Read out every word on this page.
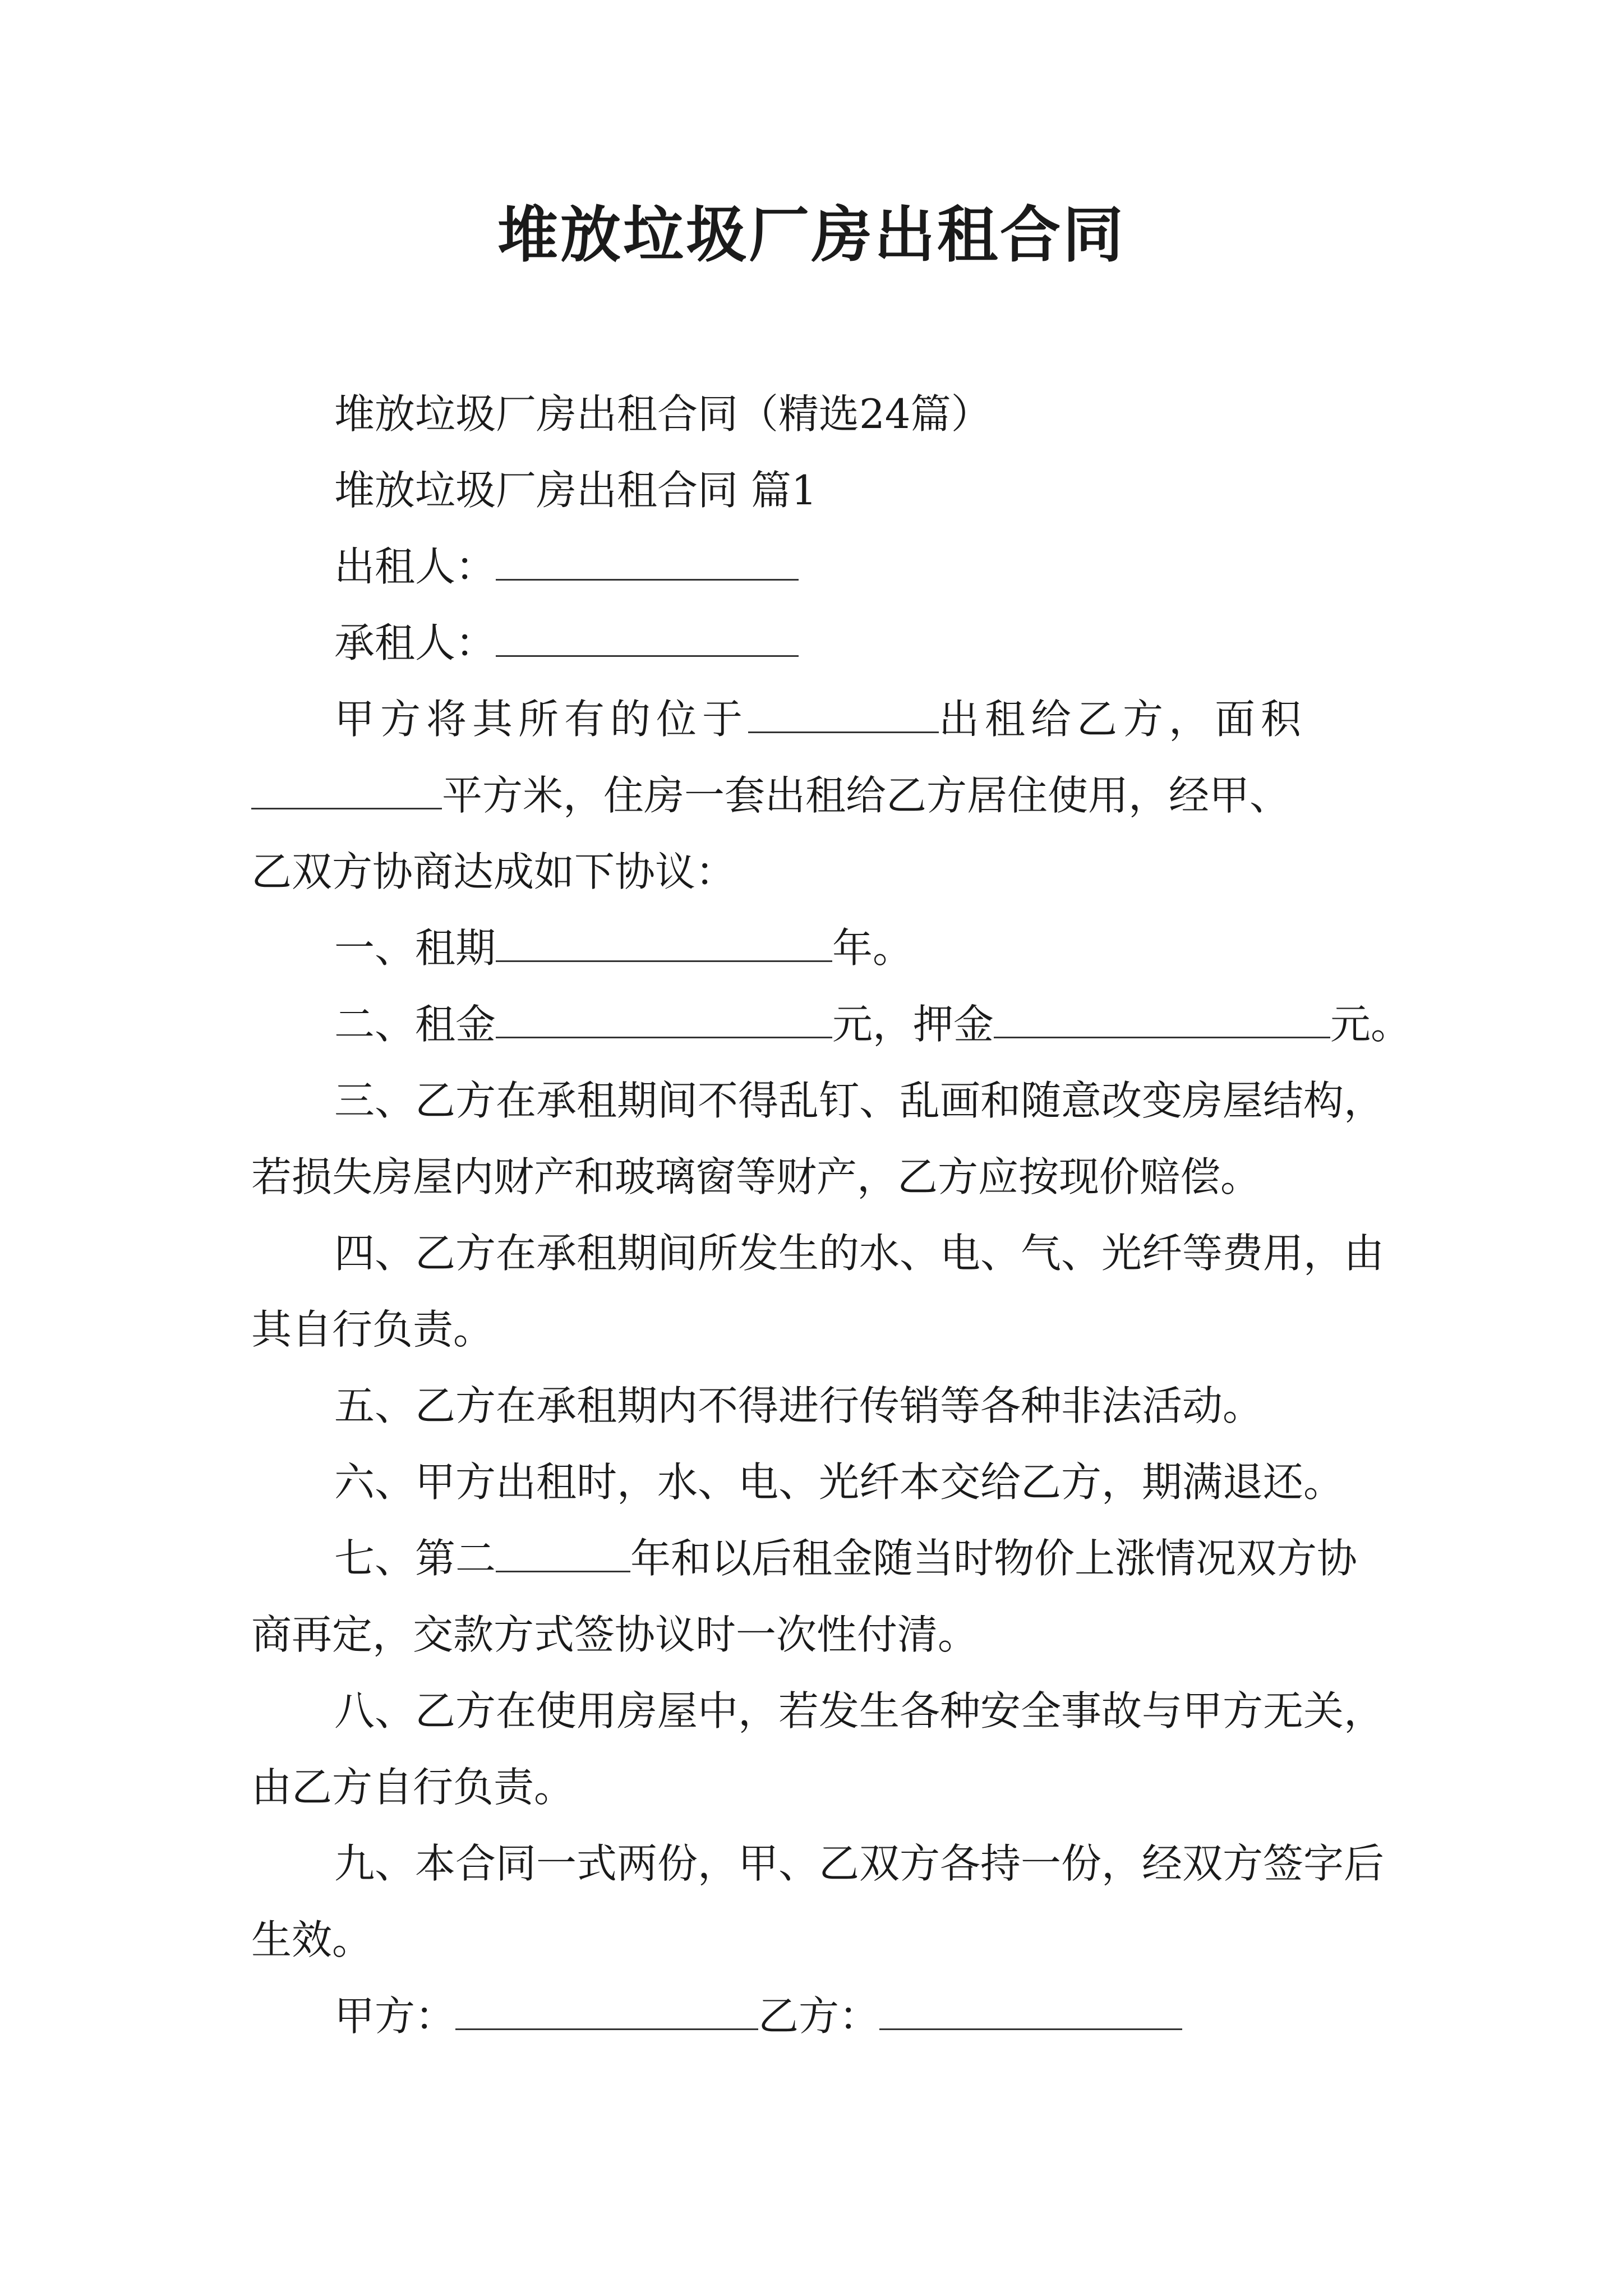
堆放垃圾厂房出租合同
堆放垃圾厂房出租合同（精选24篇）
堆放垃圾厂房出租合同 篇1
出租人：
承租人：
甲方将其所有的位于	出租给乙方，面积
平方米，住房一套出租给乙方居住使用，经甲、
乙双方协商达成如下协议：
一、租期	年。
二、租金	元，押金	元。

三、乙方在承租期间不得乱钉、乱画和随意改变房屋结构，若损失房屋内财产和玻璃窗等财产，乙方应按现价赔偿。

四、乙方在承租期间所发生的水、电、气、光纤等费用，由其自行负责。

五、乙方在承租期内不得进行传销等各种非法活动。

六、甲方出租时，水、电、光纤本交给乙方，期满退还。

七、第二	年和以后租金随当时物价上涨情况双方协商再定，交款方式签协议时一次性付清。

八、乙方在使用房屋中，若发生各种安全事故与甲方无关，由乙方自行负责。

九、本合同一式两份，甲、乙双方各持一份，经双方签字后生效。

甲方：	乙方：
